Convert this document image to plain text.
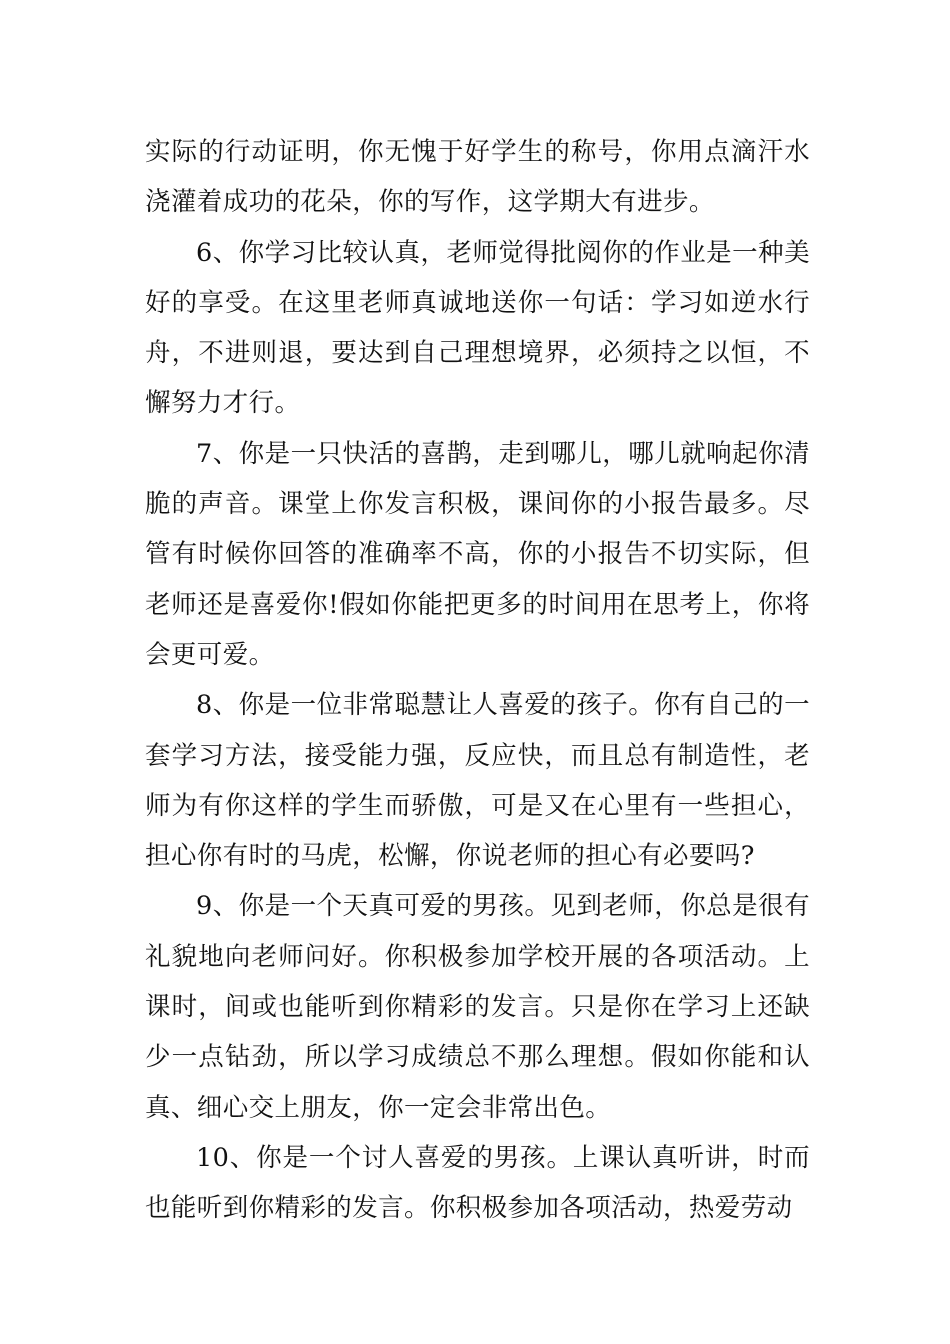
实际的行动证明，你无愧于好学生的称号，你用点滴汗水浇灌着成功的花朵，你的写作，这学期大有进步。

6、你学习比较认真，老师觉得批阅你的作业是一种美好的享受。在这里老师真诚地送你一句话：学习如逆水行舟，不进则退，要达到自己理想境界，必须持之以恒，不懈努力才行。

7、你是一只快活的喜鹊，走到哪儿，哪儿就响起你清脆的声音。课堂上你发言积极，课间你的小报告最多。尽管有时候你回答的准确率不高，你的小报告不切实际，但老师还是喜爱你!假如你能把更多的时间用在思考上，你将会更可爱。

8、你是一位非常聪慧让人喜爱的孩子。你有自己的一套学习方法，接受能力强，反应快，而且总有制造性，老师为有你这样的学生而骄傲，可是又在心里有一些担心，担心你有时的马虎，松懈，你说老师的担心有必要吗?

9、你是一个天真可爱的男孩。见到老师，你总是很有礼貌地向老师问好。你积极参加学校开展的各项活动。上课时，间或也能听到你精彩的发言。只是你在学习上还缺少一点钻劲，所以学习成绩总不那么理想。假如你能和认真、细心交上朋友，你一定会非常出色。

10、你是一个讨人喜爱的男孩。上课认真听讲，时而也能听到你精彩的发言。你积极参加各项活动，热爱劳动
